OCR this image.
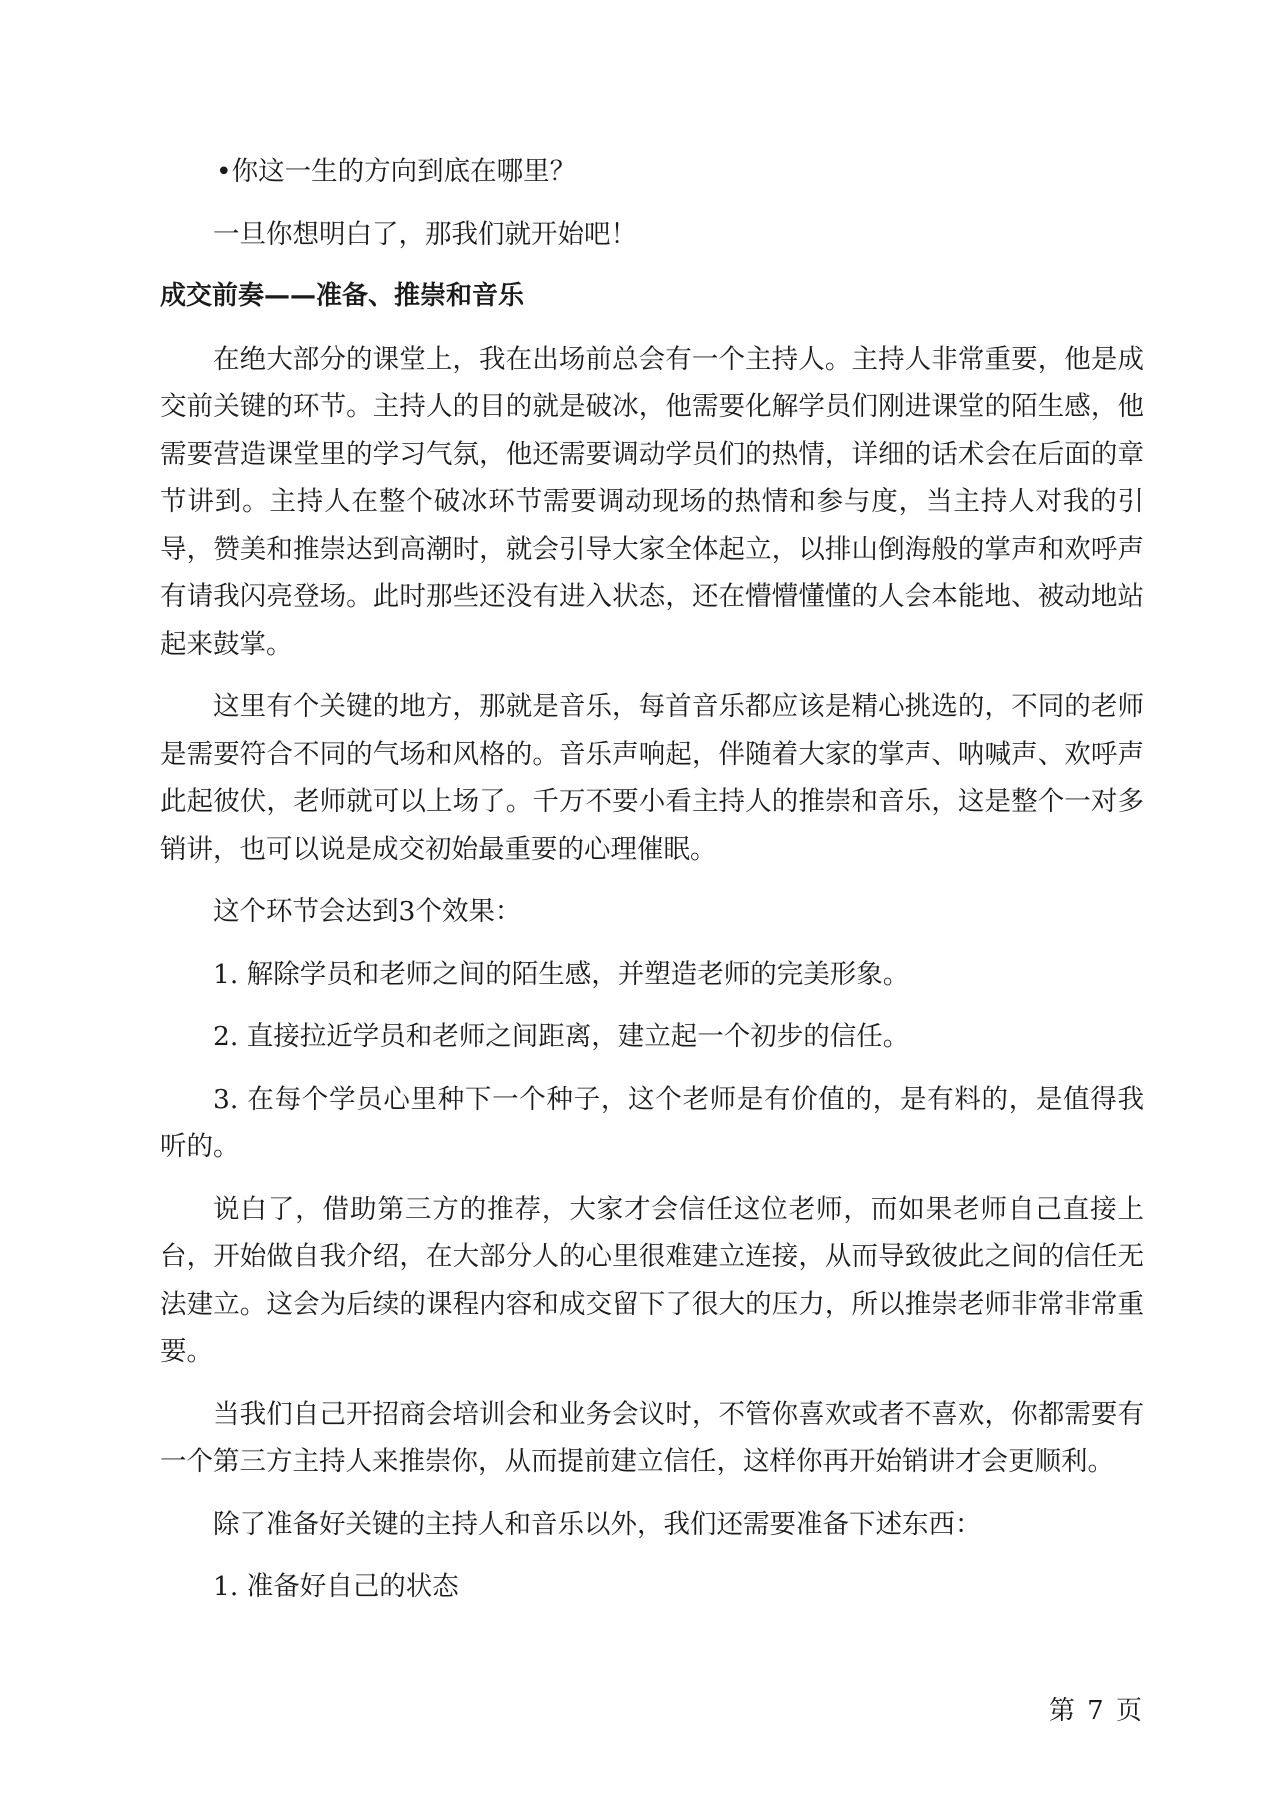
•你这一生的方向到底在哪里？

一旦你想明白了，那我们就开始吧！

成交前奏——准备、推崇和音乐

在绝大部分的课堂上，我在出场前总会有一个主持人。主持人非常重要，他是成交前关键的环节。主持人的目的就是破冰，他需要化解学员们刚进课堂的陌生感，他需要营造课堂里的学习气氛，他还需要调动学员们的热情，详细的话术会在后面的章节讲到。主持人在整个破冰环节需要调动现场的热情和参与度，当主持人对我的引导，赞美和推崇达到高潮时，就会引导大家全体起立，以排山倒海般的掌声和欢呼声有请我闪亮登场。此时那些还没有进入状态，还在懵懵懂懂的人会本能地、被动地站起来鼓掌。

这里有个关键的地方，那就是音乐，每首音乐都应该是精心挑选的，不同的老师是需要符合不同的气场和风格的。音乐声响起，伴随着大家的掌声、呐喊声、欢呼声此起彼伏，老师就可以上场了。千万不要小看主持人的推崇和音乐，这是整个一对多销讲，也可以说是成交初始最重要的心理催眠。

这个环节会达到3个效果：

1. 解除学员和老师之间的陌生感，并塑造老师的完美形象。

2. 直接拉近学员和老师之间距离，建立起一个初步的信任。

3. 在每个学员心里种下一个种子，这个老师是有价值的，是有料的，是值得我听的。

说白了，借助第三方的推荐，大家才会信任这位老师，而如果老师自己直接上台，开始做自我介绍，在大部分人的心里很难建立连接，从而导致彼此之间的信任无法建立。这会为后续的课程内容和成交留下了很大的压力，所以推崇老师非常非常重要。

当我们自己开招商会培训会和业务会议时，不管你喜欢或者不喜欢，你都需要有一个第三方主持人来推崇你，从而提前建立信任，这样你再开始销讲才会更顺利。

除了准备好关键的主持人和音乐以外，我们还需要准备下述东西：

1. 准备好自己的状态

第 7 页
